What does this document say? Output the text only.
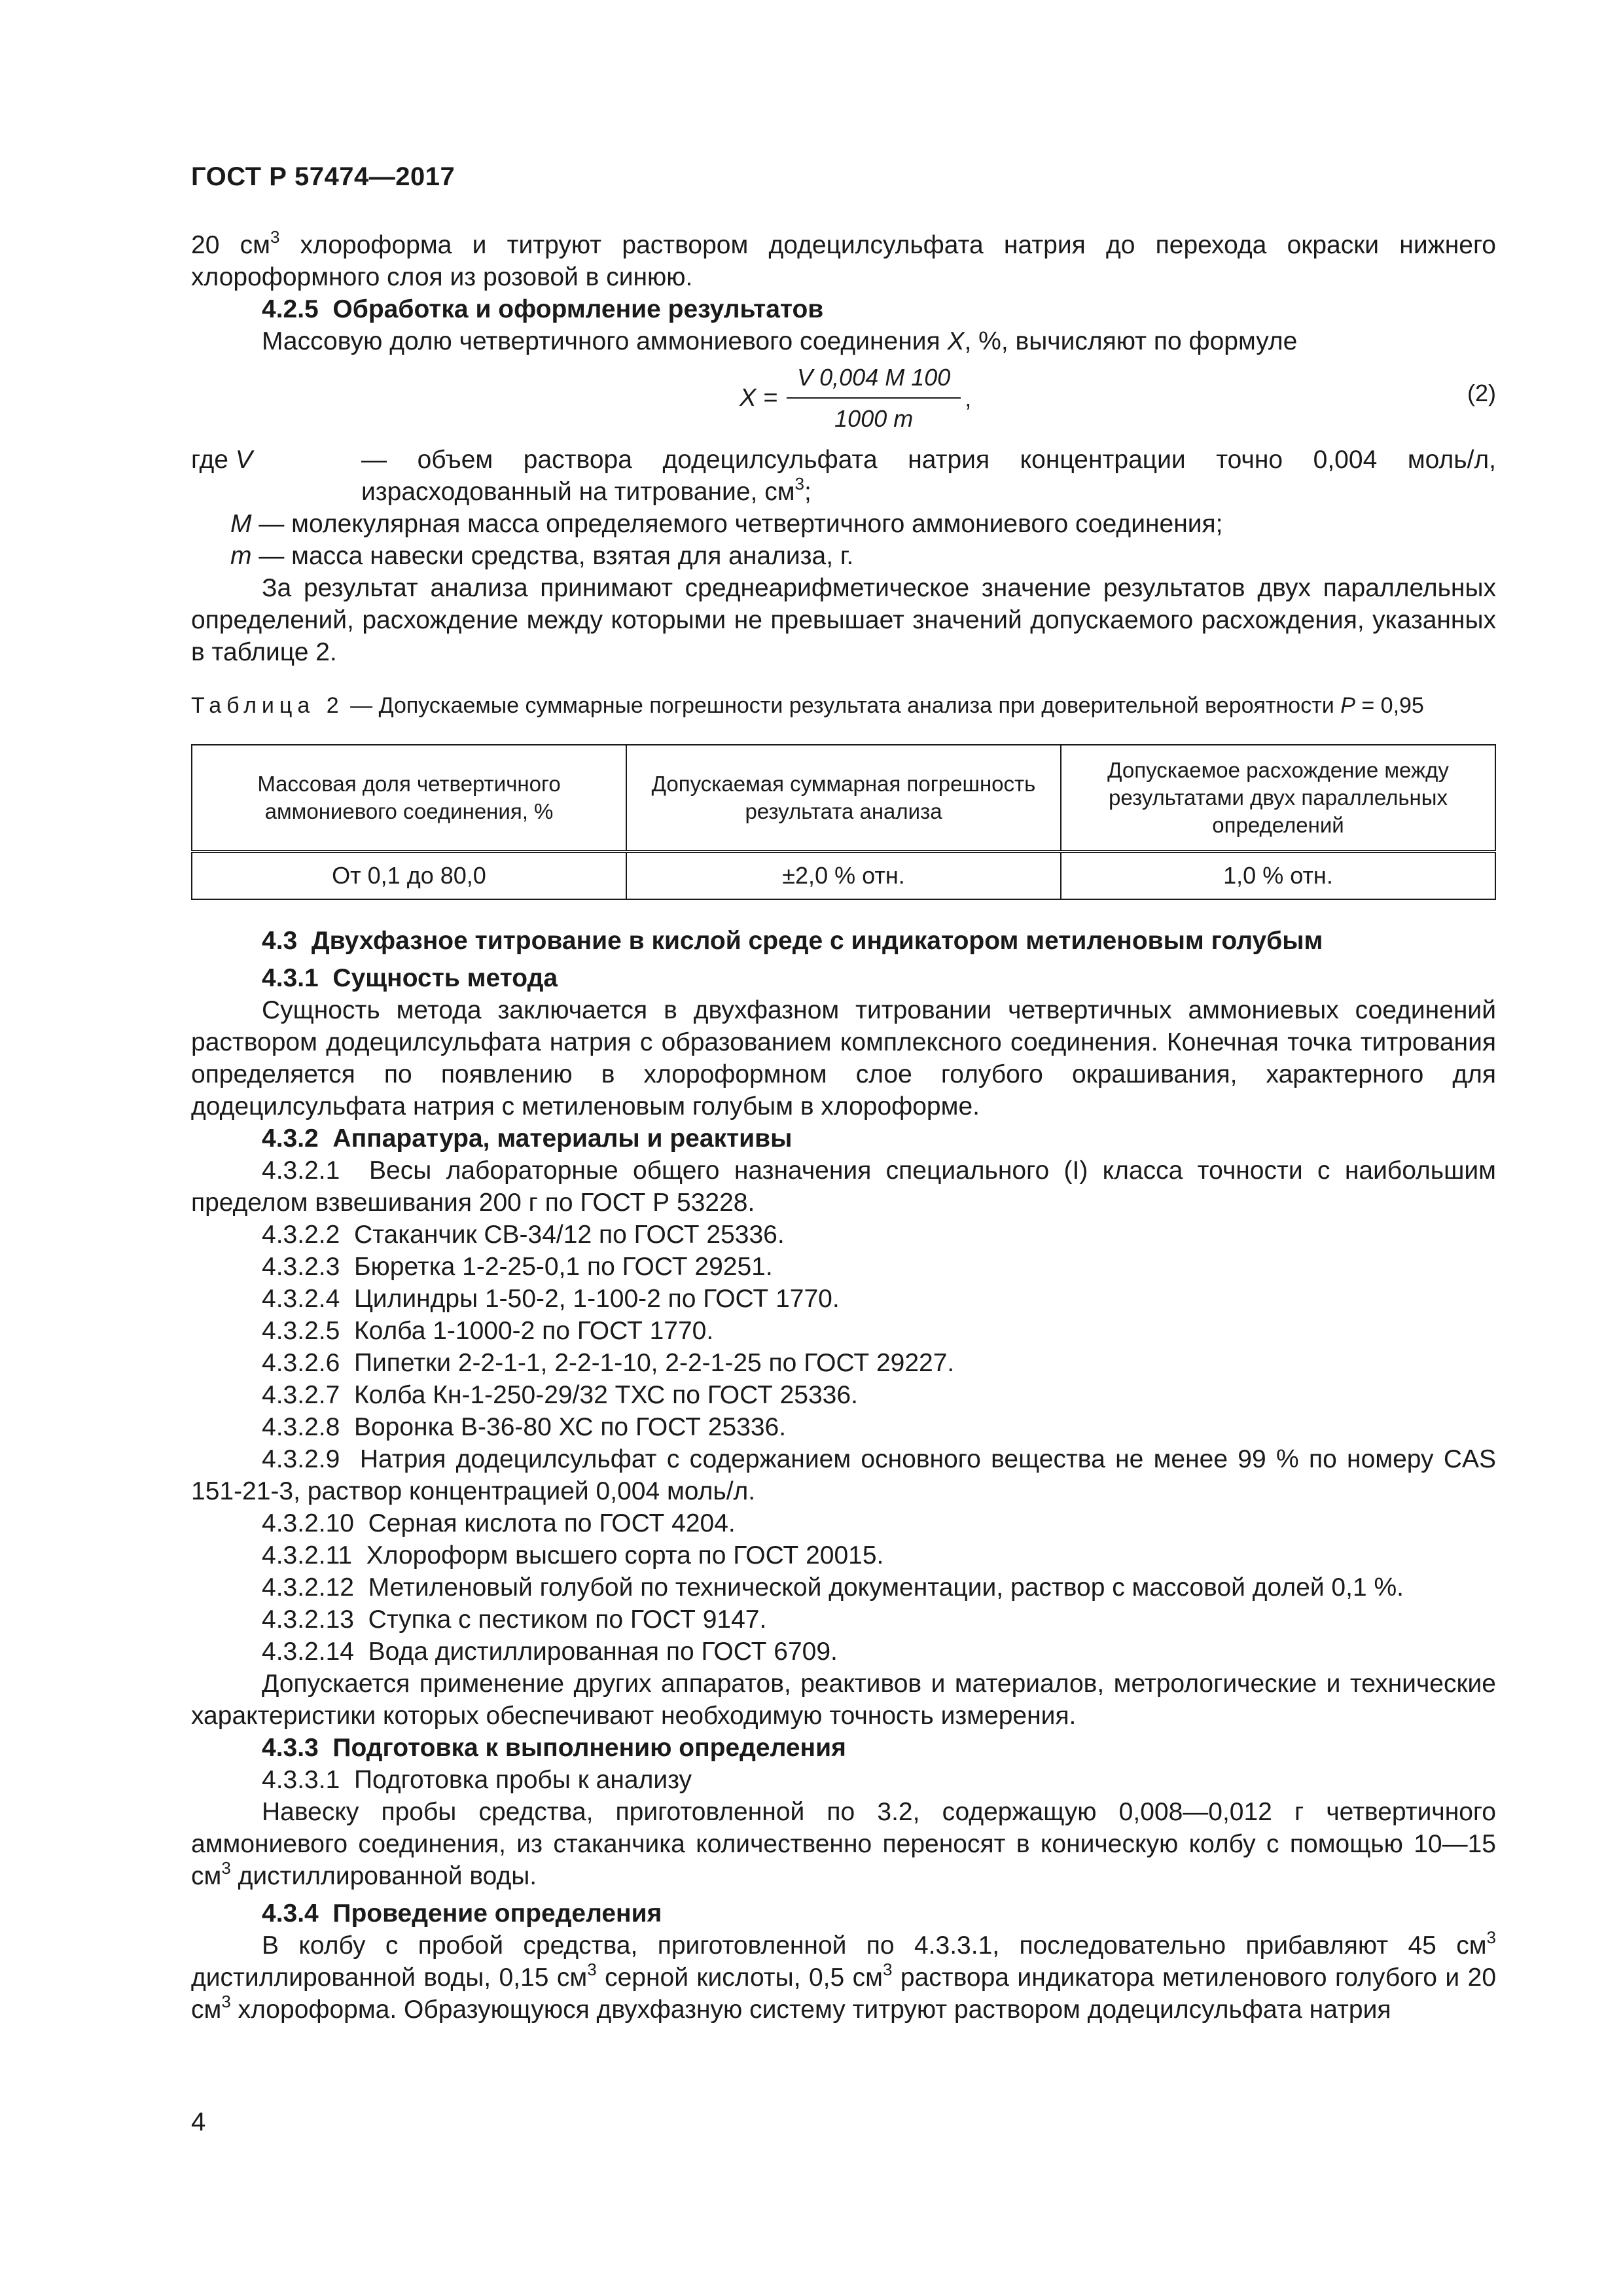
ГОСТ Р 57474—2017

20 $см^3$ хлороформа и титруют раствором додецилсульфата натрия до перехода окраски нижнего хлороформного слоя из розовой в синюю.

4.2.5 Обработка и оформление результатов

Массовую долю четвертичного аммониевого соединения X, %, вычисляют по формуле

$X = \frac{V 0,004 M 100}{1000 m}$ ,	(2)

где V	— объем раствора додецилсульфата натрия концентрации точно 0,004 моль/л, израсходованный на титрование, $см^3$;

M — молекулярная масса определяемого четвертичного аммониевого соединения;

m — масса навески средства, взятая для анализа, г.

За результат анализа принимают среднеарифметическое значение результатов двух параллельных определений, расхождение между которыми не превышает значений допускаемого расхождения, указанных в таблице 2.

Таблица 2 — Допускаемые суммарные погрешности результата анализа при доверительной вероятности P = 0,95

Массовая доля четвертичного аммониевого соединения, %	Допускаемая суммарная погрешность результата анализа	Допускаемое расхождение между результатами двух параллельных определений
От 0,1 до 80,0	±2,0 % отн.	1,0 % отн.

4.3 Двухфазное титрование в кислой среде с индикатором метиленовым голубым

4.3.1 Сущность метода

Сущность метода заключается в двухфазном титровании четвертичных аммониевых соединений раствором додецилсульфата натрия с образованием комплексного соединения. Конечная точка титрования определяется по появлению в хлороформном слое голубого окрашивания, характерного для додецилсульфата натрия с метиленовым голубым в хлороформе.

4.3.2 Аппаратура, материалы и реактивы

4.3.2.1 Весы лабораторные общего назначения специального (I) класса точности с наибольшим пределом взвешивания 200 г по ГОСТ Р 53228.

4.3.2.2 Стаканчик СВ-34/12 по ГОСТ 25336.

4.3.2.3 Бюретка 1-2-25-0,1 по ГОСТ 29251.

4.3.2.4 Цилиндры 1-50-2, 1-100-2 по ГОСТ 1770.

4.3.2.5 Колба 1-1000-2 по ГОСТ 1770.

4.3.2.6 Пипетки 2-2-1-1, 2-2-1-10, 2-2-1-25 по ГОСТ 29227.

4.3.2.7 Колба Кн-1-250-29/32 ТХС по ГОСТ 25336.

4.3.2.8 Воронка В-36-80 ХС по ГОСТ 25336.

4.3.2.9 Натрия додецилсульфат с содержанием основного вещества не менее 99 % по номеру CAS 151-21-3, раствор концентрацией 0,004 моль/л.

4.3.2.10 Серная кислота по ГОСТ 4204.

4.3.2.11 Хлороформ высшего сорта по ГОСТ 20015.

4.3.2.12 Метиленовый голубой по технической документации, раствор с массовой долей 0,1 %.

4.3.2.13 Ступка с пестиком по ГОСТ 9147.

4.3.2.14 Вода дистиллированная по ГОСТ 6709.

Допускается применение других аппаратов, реактивов и материалов, метрологические и технические характеристики которых обеспечивают необходимую точность измерения.

4.3.3 Подготовка к выполнению определения

4.3.3.1 Подготовка пробы к анализу

Навеску пробы средства, приготовленной по 3.2, содержащую 0,008—0,012 г четвертичного аммониевого соединения, из стаканчика количественно переносят в коническую колбу с помощью 10—15 $см^3$ дистиллированной воды.

4.3.4 Проведение определения

В колбу с пробой средства, приготовленной по 4.3.3.1, последовательно прибавляют 45 $см^3$ дистиллированной воды, 0,15 $см^3$ серной кислоты, 0,5 $см^3$ раствора индикатора метиленового голубого и 20 $см^3$ хлороформа. Образующуюся двухфазную систему титруют раствором додецилсульфата натрия

4
